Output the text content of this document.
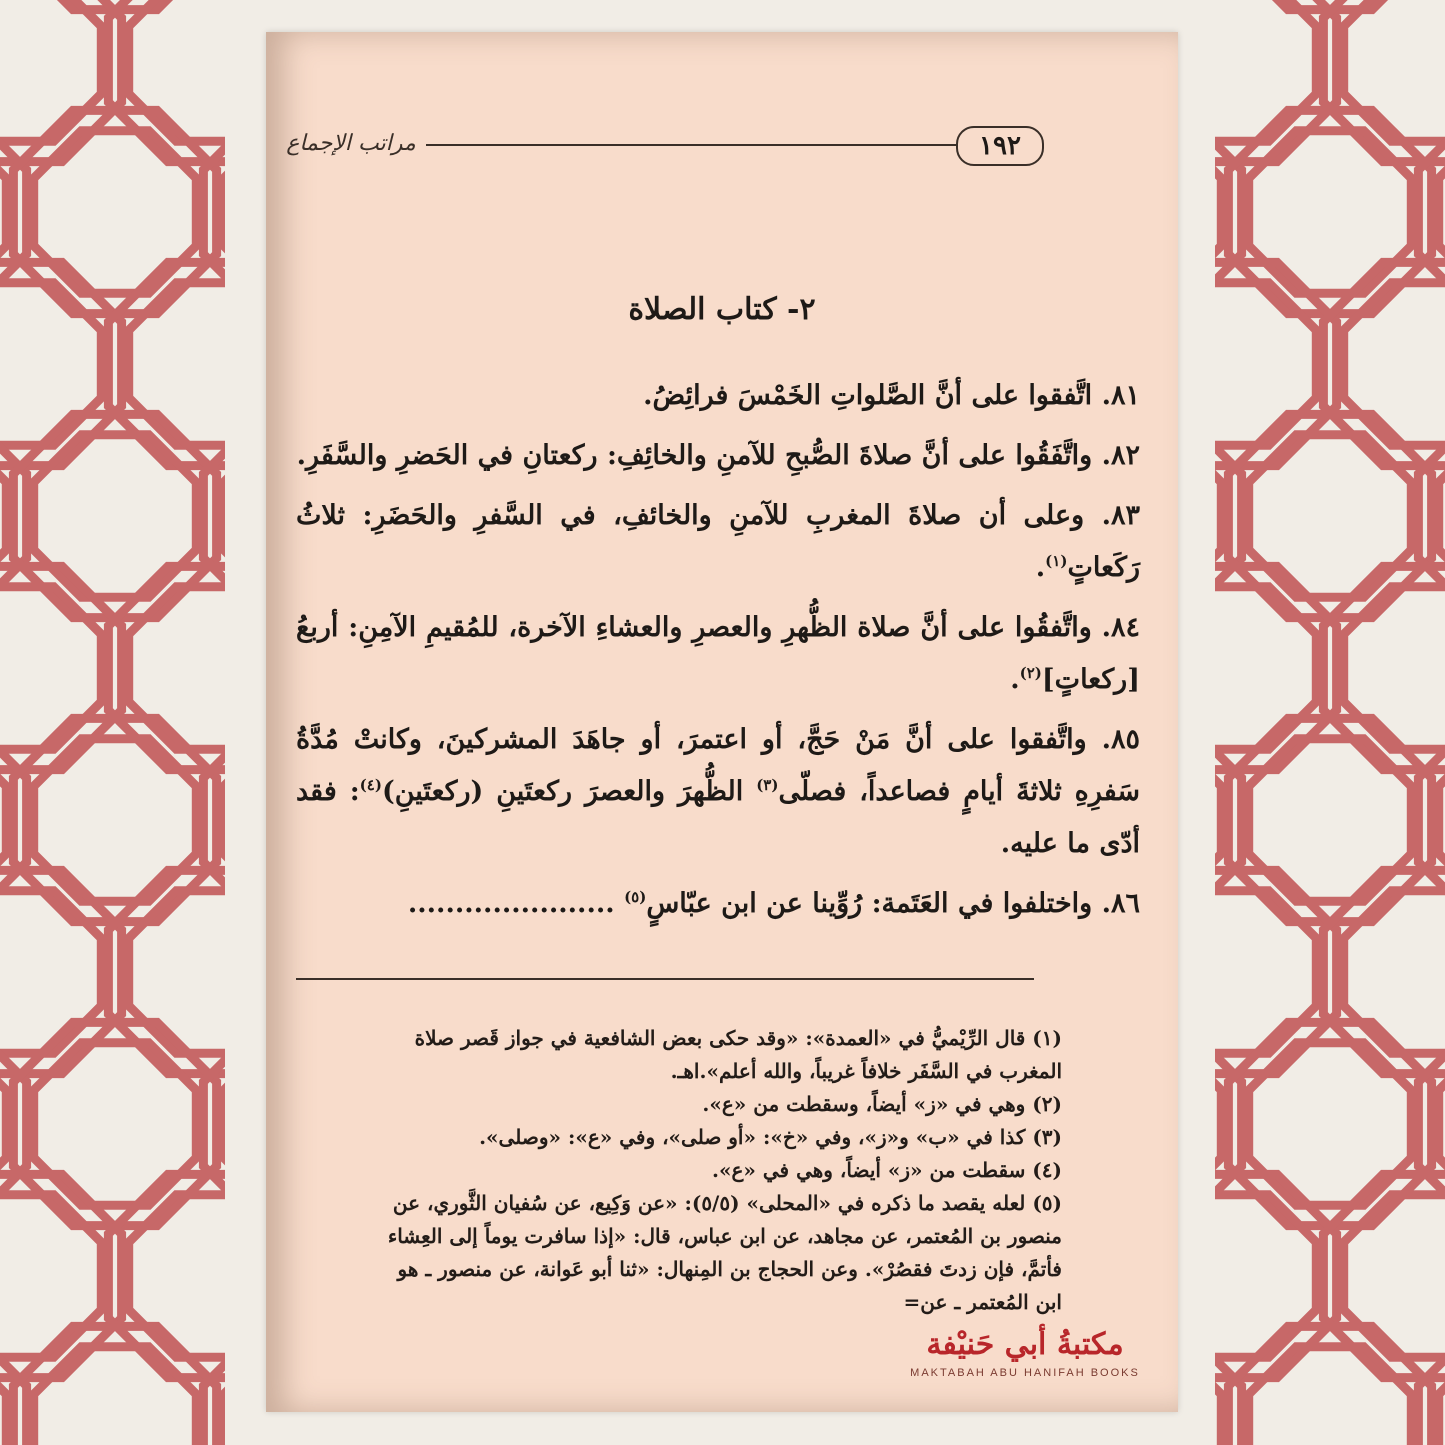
١٩٢
مراتب الإجماع
٢- كتاب الصلاة

٨١. اتَّفقوا على أنَّ الصَّلواتِ الخَمْسَ فرائِضُ.

٨٢. واتَّفَقُوا على أنَّ صلاةَ الصُّبحِ للآمنِ والخائِفِ: ركعتانِ في الحَضرِ والسَّفَرِ.

٨٣. وعلى أن صلاةَ المغربِ للآمنِ والخائفِ، في السَّفرِ والحَضَرِ: ثلاثُ رَكَعاتٍ$^{(١)}$.

٨٤. واتَّفقُوا على أنَّ صلاة الظُّهرِ والعصرِ والعشاءِ الآخرة، للمُقيمِ الآمِنِ: أربعُ [ركعاتٍ]$^{(٢)}$.

٨٥. واتَّفقوا على أنَّ مَنْ حَجَّ، أو اعتمرَ، أو جاهَدَ المشركينَ، وكانتْ مُدَّةُ سَفرِهِ ثلاثةَ أيامٍ فصاعداً، فصلّى$^{(٣)}$ الظُّهرَ والعصرَ ركعتَينِ (ركعتَينِ)$^{(٤)}$: فقد أدّى ما عليه.

٨٦. واختلفوا في العَتَمة: رُوِّينا عن ابن عبّاسٍ$^{(٥)}$ ......................

(١) قال الرِّيْميُّ في «العمدة»: «وقد حكى بعض الشافعية في جواز قَصر صلاة المغرب في السَّفَر خلافاً غريباً، والله أعلم».اهـ.

(٢) وهي في «ز» أيضاً، وسقطت من «ع».

(٣) كذا في «ب» و«ز»، وفي «خ»: «أو صلى»، وفي «ع»: «وصلى».

(٤) سقطت من «ز» أيضاً، وهي في «ع».

(٥) لعله يقصد ما ذكره في «المحلى» (٥/٥): «عن وَكِيع، عن سُفيان الثَّوري، عن منصور بن المُعتمر، عن مجاهد، عن ابن عباس، قال: «إذا سافرت يوماً إلى العِشاء فأتمَّ، فإن زدتَ فقصُرْ». وعن الحجاج بن المِنهال: «ثنا أبو عَوانة، عن منصور ـ هو ابن المُعتمر ـ عن=

مكتبةُ أبي حَنيْفة
MAKTABAH ABU HANIFAH BOOKS
